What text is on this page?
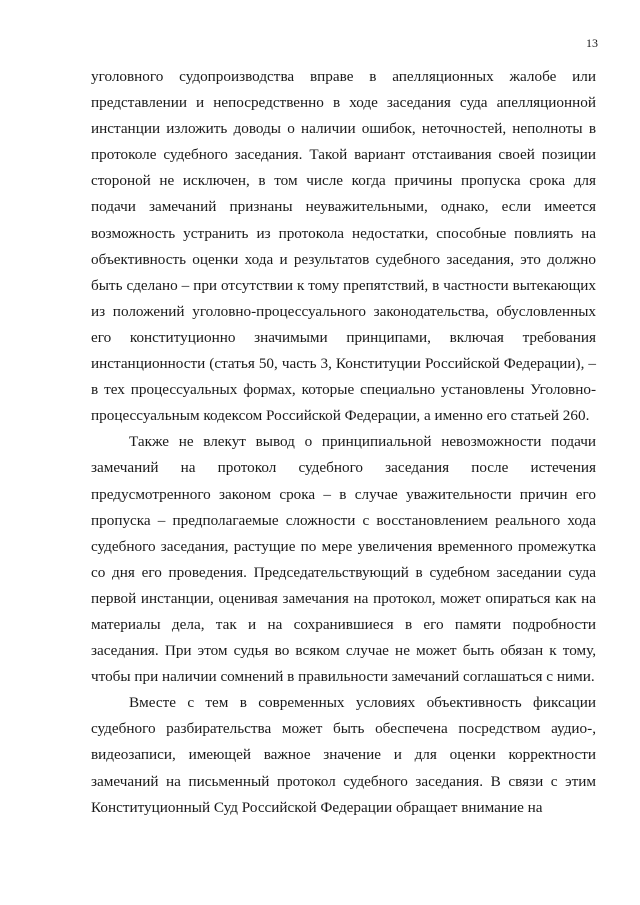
13

уголовного судопроизводства вправе в апелляционных жалобе или представлении и непосредственно в ходе заседания суда апелляционной инстанции изложить доводы о наличии ошибок, неточностей, неполноты в протоколе судебного заседания. Такой вариант отстаивания своей позиции стороной не исключен, в том числе когда причины пропуска срока для подачи замечаний признаны неуважительными, однако, если имеется возможность устранить из протокола недостатки, способные повлиять на объективность оценки хода и результатов судебного заседания, это должно быть сделано – при отсутствии к тому препятствий, в частности вытекающих из положений уголовно-процессуального законодательства, обусловленных его конституционно значимыми принципами, включая требования инстанционности (статья 50, часть 3, Конституции Российской Федерации), – в тех процессуальных формах, которые специально установлены Уголовно-процессуальным кодексом Российской Федерации, а именно его статьей 260.

Также не влекут вывод о принципиальной невозможности подачи замечаний на протокол судебного заседания после истечения предусмотренного законом срока – в случае уважительности причин его пропуска – предполагаемые сложности с восстановлением реального хода судебного заседания, растущие по мере увеличения временного промежутка со дня его проведения. Председательствующий в судебном заседании суда первой инстанции, оценивая замечания на протокол, может опираться как на материалы дела, так и на сохранившиеся в его памяти подробности заседания. При этом судья во всяком случае не может быть обязан к тому, чтобы при наличии сомнений в правильности замечаний соглашаться с ними.

Вместе с тем в современных условиях объективность фиксации судебного разбирательства может быть обеспечена посредством аудио-, видеозаписи, имеющей важное значение и для оценки корректности замечаний на письменный протокол судебного заседания. В связи с этим Конституционный Суд Российской Федерации обращает внимание на
